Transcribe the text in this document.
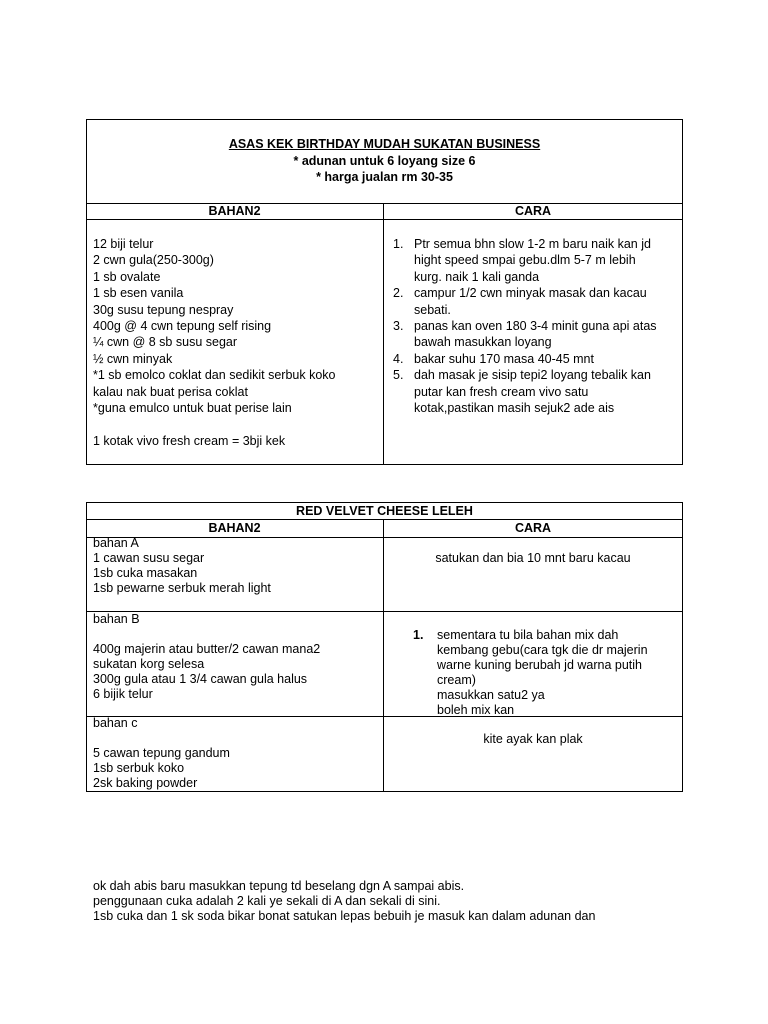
ASAS KEK BIRTHDAY MUDAH SUKATAN BUSINESS
* adunan untuk 6 loyang size 6
* harga jualan rm 30-35
BAHAN2	CARA
12 biji telur
2 cwn gula(250-300g)
1 sb ovalate
1 sb esen vanila
30g susu tepung nespray
400g @ 4 cwn tepung self rising
¼ cwn @ 8 sb susu segar
½ cwn minyak
*1 sb emolco coklat dan sedikit serbuk koko
kalau nak buat perisa coklat
*guna emulco untuk buat perise lain

1 kotak vivo fresh cream = 3bji kek
1. Ptr semua bhn slow 1-2 m baru naik kan jd
hight speed smpai gebu.dlm 5-7 m lebih
kurg. naik 1 kali ganda
2. campur 1/2 cwn minyak masak dan kacau
sebati.
3. panas kan oven 180 3-4 minit guna api atas
bawah masukkan loyang
4. bakar suhu 170 masa 40-45 mnt
5. dah masak je sisip tepi2 loyang tebalik kan
putar kan fresh cream vivo satu
kotak,pastikan masih sejuk2 ade ais
RED VELVET CHEESE LELEH
BAHAN2	CARA
bahan A
1 cawan susu segar
1sb cuka masakan
1sb pewarne serbuk merah light
satukan dan bia 10 mnt baru kacau
bahan B

400g majerin atau butter/2 cawan mana2
sukatan korg selesa
300g gula atau 1 3/4 cawan gula halus
6 bijik telur
1. sementara tu bila bahan mix dah
kembang gebu(cara tgk die dr majerin
warne kuning berubah jd warna putih
cream)
masukkan satu2 ya
boleh mix kan
bahan c

5 cawan tepung gandum
1sb serbuk koko
2sk baking powder
kite ayak kan plak
ok dah abis baru masukkan tepung td beselang dgn A sampai abis.
penggunaan cuka adalah 2 kali ye sekali di A dan sekali di sini.
1sb cuka dan 1 sk soda bikar bonat satukan lepas bebuih je masuk kan dalam adunan dan
